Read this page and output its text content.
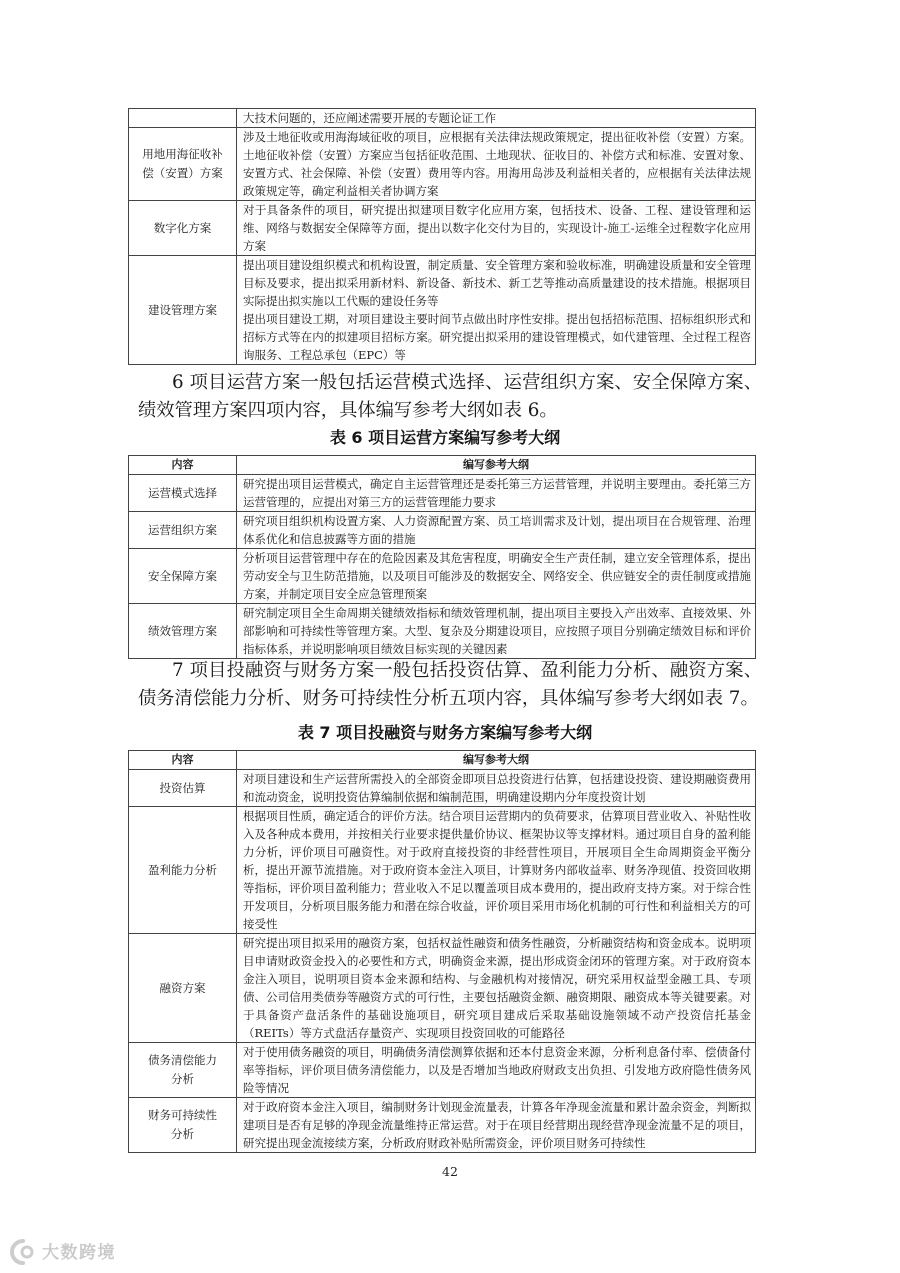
	大技术问题的，还应阐述需要开展的专题论证工作

用地用海征收补
偿（安置）方案	涉及土地征收或用海海域征收的项目，应根据有关法律法规政策规定，提出征收补偿（安置）方案。土地征收补偿（安置）方案应当包括征收范围、土地现状、征收目的、补偿方式和标准、安置对象、安置方式、社会保障、补偿（安置）费用等内容。用海用岛涉及利益相关者的，应根据有关法律法规政策规定等，确定利益相关者协调方案

数字化方案	对于具备条件的项目，研究提出拟建项目数字化应用方案，包括技术、设备、工程、建设管理和运维、网络与数据安全保障等方面，提出以数字化交付为目的，实现设计-施工-运维全过程数字化应用方案

建设管理方案	提出项目建设组织模式和机构设置，制定质量、安全管理方案和验收标准，明确建设质量和安全管理目标及要求，提出拟采用新材料、新设备、新技术、新工艺等推动高质量建设的技术措施。根据项目实际提出拟实施以工代赈的建设任务等

提出项目建设工期，对项目建设主要时间节点做出时序性安排。提出包括招标范围、招标组织形式和招标方式等在内的拟建项目招标方案。研究提出拟采用的建设管理模式，如代建管理、全过程工程咨询服务、工程总承包（EPC）等

6 项目运营方案一般包括运营模式选择、运营组织方案、安全保障方案、绩效管理方案四项内容，具体编写参考大纲如表 6。

表 6 项目运营方案编写参考大纲

内容	编写参考大纲
运营模式选择	研究提出项目运营模式，确定自主运营管理还是委托第三方运营管理，并说明主要理由。委托第三方运营管理的，应提出对第三方的运营管理能力要求

运营组织方案	研究项目组织机构设置方案、人力资源配置方案、员工培训需求及计划，提出项目在合规管理、治理体系优化和信息披露等方面的措施

安全保障方案	分析项目运营管理中存在的危险因素及其危害程度，明确安全生产责任制，建立安全管理体系，提出劳动安全与卫生防范措施，以及项目可能涉及的数据安全、网络安全、供应链安全的责任制度或措施方案，并制定项目安全应急管理预案

绩效管理方案	研究制定项目全生命周期关键绩效指标和绩效管理机制，提出项目主要投入产出效率、直接效果、外部影响和可持续性等管理方案。大型、复杂及分期建设项目，应按照子项目分别确定绩效目标和评价指标体系，并说明影响项目绩效目标实现的关键因素

7 项目投融资与财务方案一般包括投资估算、盈利能力分析、融资方案、债务清偿能力分析、财务可持续性分析五项内容，具体编写参考大纲如表 7。

表 7 项目投融资与财务方案编写参考大纲

内容	编写参考大纲
投资估算	对项目建设和生产运营所需投入的全部资金即项目总投资进行估算，包括建设投资、建设期融资费用和流动资金，说明投资估算编制依据和编制范围，明确建设期内分年度投资计划

盈利能力分析	根据项目性质，确定适合的评价方法。结合项目运营期内的负荷要求，估算项目营业收入、补贴性收入及各种成本费用，并按相关行业要求提供量价协议、框架协议等支撑材料。通过项目自身的盈利能力分析，评价项目可融资性。对于政府直接投资的非经营性项目，开展项目全生命周期资金平衡分析，提出开源节流措施。对于政府资本金注入项目，计算财务内部收益率、财务净现值、投资回收期等指标，评价项目盈利能力；营业收入不足以覆盖项目成本费用的，提出政府支持方案。对于综合性开发项目，分析项目服务能力和潜在综合收益，评价项目采用市场化机制的可行性和利益相关方的可接受性

融资方案	研究提出项目拟采用的融资方案，包括权益性融资和债务性融资，分析融资结构和资金成本。说明项目申请财政资金投入的必要性和方式，明确资金来源，提出形成资金闭环的管理方案。对于政府资本金注入项目，说明项目资本金来源和结构、与金融机构对接情况，研究采用权益型金融工具、专项债、公司信用类债券等融资方式的可行性，主要包括融资金额、融资期限、融资成本等关键要素。对于具备资产盘活条件的基础设施项目，研究项目建成后采取基础设施领域不动产投资信托基金（REITs）等方式盘活存量资产、实现项目投资回收的可能路径

债务清偿能力
分析	对于使用债务融资的项目，明确债务清偿测算依据和还本付息资金来源，分析利息备付率、偿债备付率等指标，评价项目债务清偿能力，以及是否增加当地政府财政支出负担、引发地方政府隐性债务风险等情况

财务可持续性
分析	对于政府资本金注入项目，编制财务计划现金流量表，计算各年净现金流量和累计盈余资金，判断拟建项目是否有足够的净现金流量维持正常运营。对于在项目经营期出现经营净现金流量不足的项目，研究提出现金流接续方案，分析政府财政补贴所需资金，评价项目财务可持续性

42
大数跨境
